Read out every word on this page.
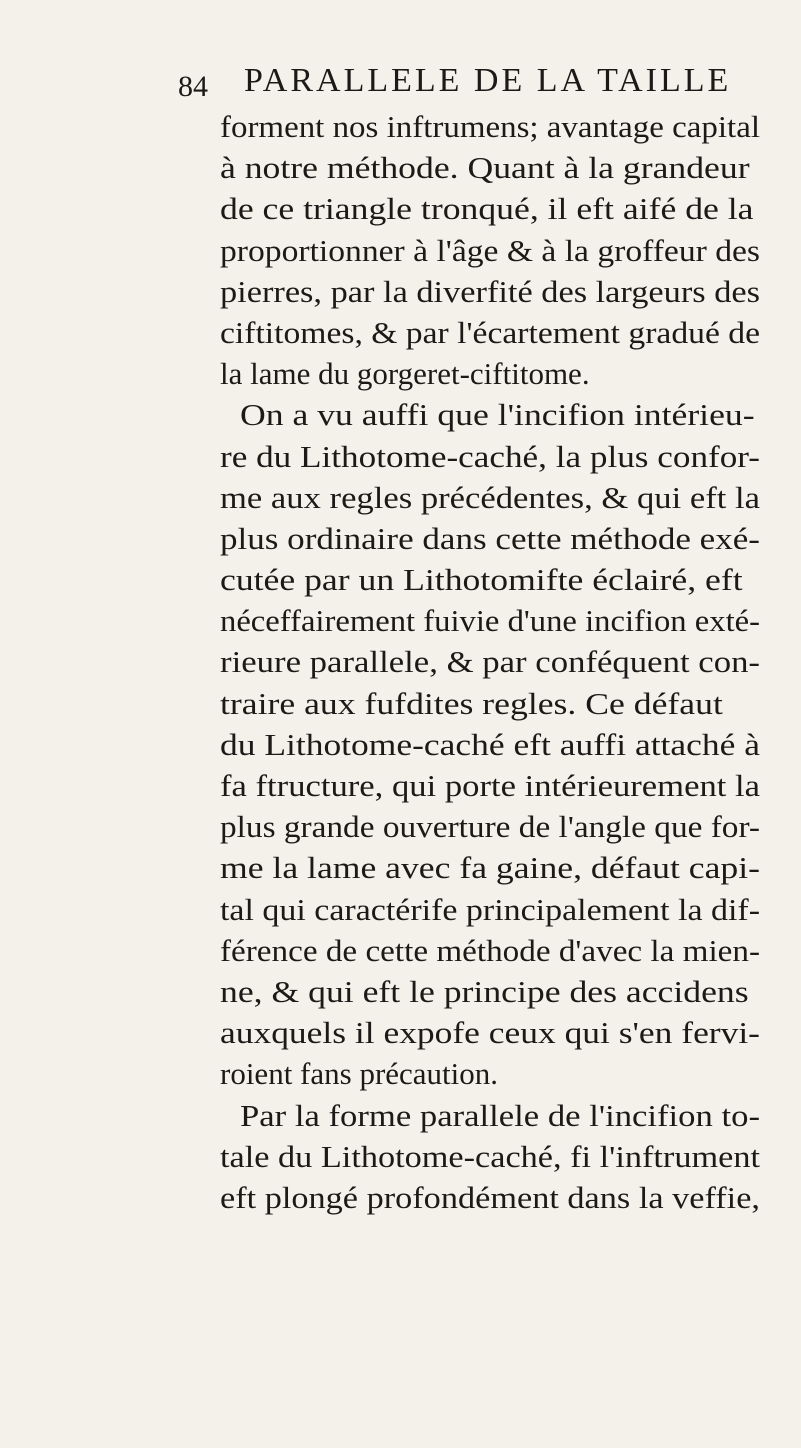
84 PARALLELE DE LA TAILLE
forment nos inftrumens; avantage capital
à notre méthode. Quant à la grandeur
de ce triangle tronqué, il eft aifé de la
proportionner à l'âge & à la groffeur des
pierres, par la diverfité des largeurs des
ciftitomes, & par l'écartement gradué de
la lame du gorgeret-ciftitome.
On a vu auffi que l'incifion intérieu-
re du Lithotome-caché, la plus confor-
me aux regles précédentes, & qui eft la
plus ordinaire dans cette méthode exé-
cutée par un Lithotomifte éclairé, eft
néceffairement fuivie d'une incifion exté-
rieure parallele, & par conféquent con-
traire aux fufdites regles. Ce défaut
du Lithotome-caché eft auffi attaché à
fa ftructure, qui porte intérieurement la
plus grande ouverture de l'angle que for-
me la lame avec fa gaine, défaut capi-
tal qui caractérife principalement la dif-
férence de cette méthode d'avec la mien-
ne, & qui eft le principe des accidens
auxquels il expofe ceux qui s'en fervi-
roient fans précaution.
Par la forme parallele de l'incifion to-
tale du Lithotome-caché, fi l'inftrument
eft plongé profondément dans la veffie,
